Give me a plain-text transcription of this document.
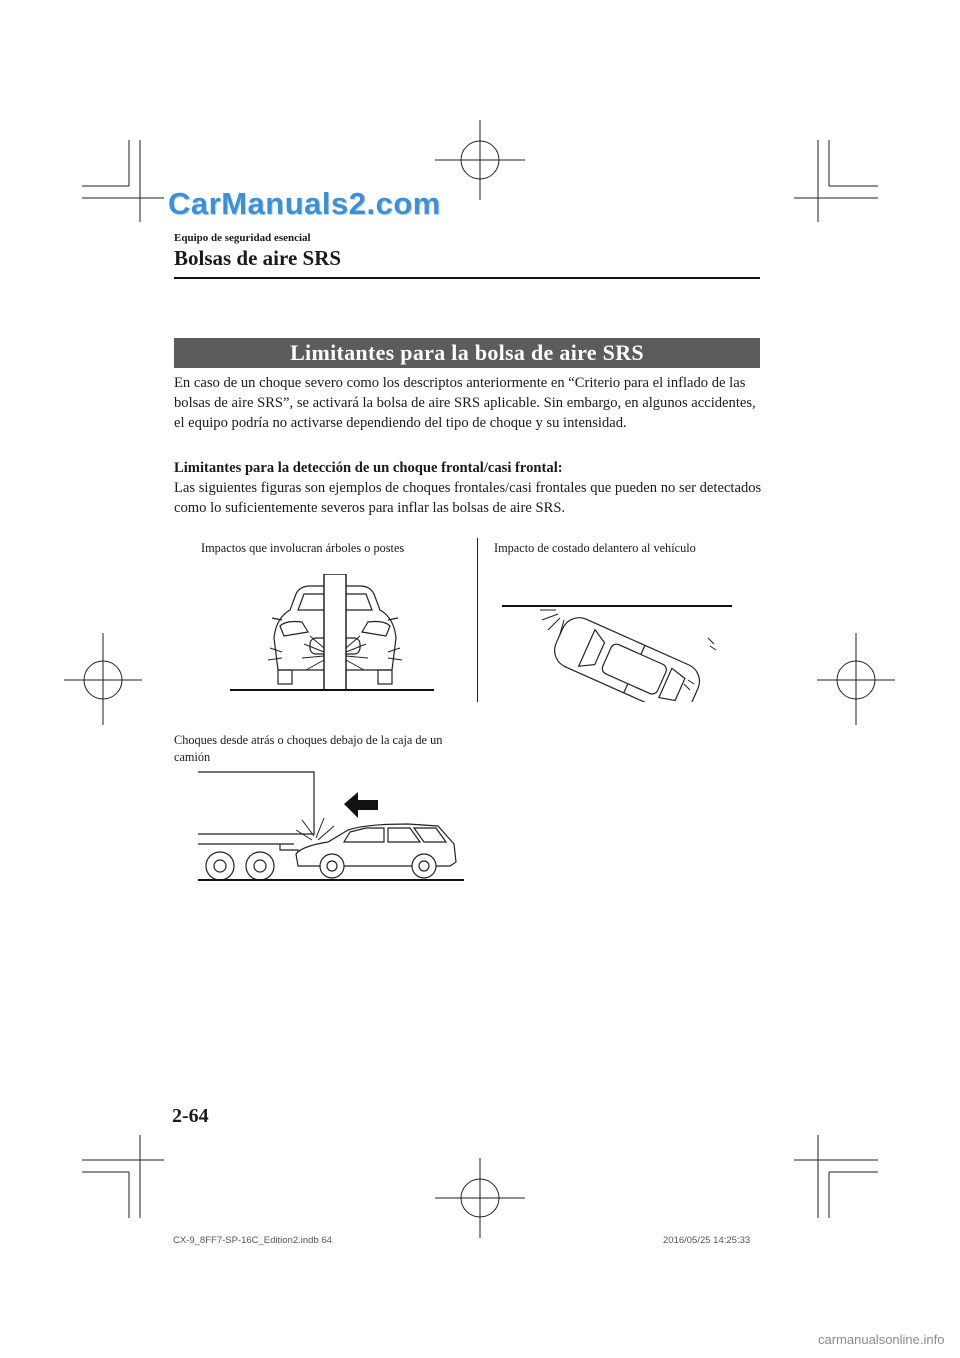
CarManuals2.com
Equipo de seguridad esencial
Bolsas de aire SRS
Limitantes para la bolsa de aire SRS
En caso de un choque severo como los descriptos anteriormente en “Criterio para el inflado de las bolsas de aire SRS”, se activará la bolsa de aire SRS aplicable. Sin embargo, en algunos accidentes, el equipo podría no activarse dependiendo del tipo de choque y su intensidad.
Limitantes para la detección de un choque frontal/casi frontal:
Las siguientes figuras son ejemplos de choques frontales/casi frontales que pueden no ser detectados como lo suficientemente severos para inflar las bolsas de aire SRS.
Impactos que involucran árboles o postes	Impacto de costado delantero al vehículo
Choques desde atrás o choques debajo de la caja de un camión
2-64
CX-9_8FF7-SP-16C_Edition2.indb 64	2016/05/25 14:25:33
carmanualsonline.info
